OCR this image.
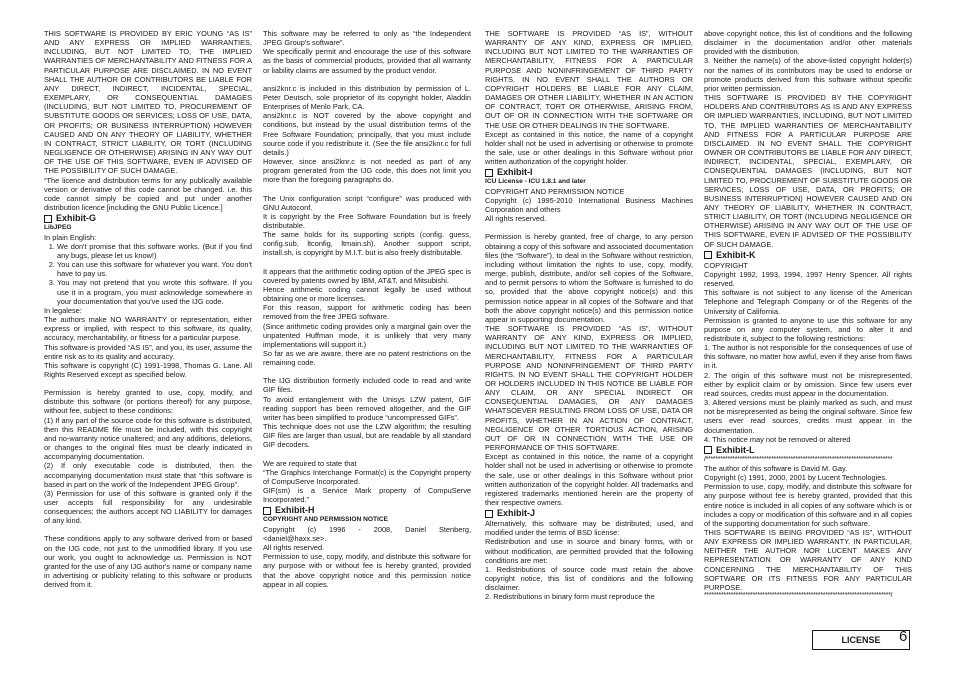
THIS SOFTWARE IS PROVIDED BY ERIC YOUNG “AS IS” AND ANY EXPRESS OR IMPLIED WARRANTIES, INCLUDING, BUT NOT LIMITED TO, THE IMPLIED WARRANTIES OF MERCHANTABILITY AND FITNESS FOR A PARTICULAR PURPOSE ARE DISCLAIMED. IN NO EVENT SHALL THE AUTHOR OR CONTRIBUTORS BE LIABLE FOR ANY DIRECT, INDIRECT, INCIDENTAL, SPECIAL, EXEMPLARY, OR CONSEQUENTIAL DAMAGES (INCLUDING, BUT NOT LIMITED TO, PROCUREMENT OF SUBSTITUTE GOODS OR SERVICES; LOSS OF USE, DATA, OR PROFITS; OR BUSINESS INTERRUPTION) HOWEVER CAUSED AND ON ANY THEORY OF LIABILITY, WHETHER IN CONTRACT, STRICT LIABILITY, OR TORT (INCLUDING NEGLIGENCE OR OTHERWISE) ARISING IN ANY WAY OUT OF THE USE OF THIS SOFTWARE, EVEN IF ADVISED OF THE POSSIBILITY OF SUCH DAMAGE.

“The licence and distribution terms for any publically available version or derivative of this code cannot be changed. i.e. this code cannot simply be copied and put under another distribution licence [including the GNU Public Licence.]

Exhibit-G
LibJPEG

In plain English:

1. We don't promise that this software works. (But if you find any bugs, please let us know!)
2. You can use this software for whatever you want. You don't have to pay us.
3. You may not pretend that you wrote this software. If you use it in a program, you must acknowledge somewhere in your documentation that you've used the IJG code.

In legalese:

The authors make NO WARRANTY or representation, either express or implied, with respect to this software, its quality, accuracy, merchantability, or fitness for a particular purpose.

This software is provided “AS IS”, and you, its user, assume the entire risk as to its quality and accuracy.

This software is copyright (C) 1991-1998, Thomas G. Lane. All Rights Reserved except as specified below.

Permission is hereby granted to use, copy, modify, and distribute this software (or portions thereof) for any purpose, without fee, subject to these conditions:

(1) If any part of the source code for this software is distributed, then this README file must be included, with this copyright and no-warranty notice unaltered; and any additions, deletions, or changes to the original files must be clearly indicated in accompanying documentation.

(2) If only executable code is distributed, then the accompanying documentation must state that “this software is based in part on the work of the Independent JPEG Group”.

(3) Permission for use of this software is granted only if the user accepts full responsibility for any undesirable consequences; the authors accept NO LIABILITY for damages of any kind.

These conditions apply to any software derived from or based on the IJG code, not just to the unmodified library. If you use our work, you ought to acknowledge us. Permission is NOT granted for the use of any IJG author's name or company name in advertising or publicity relating to this software or products derived from it.

This software may be referred to only as “the Independent JPEG Group's software”.

We specifically permit and encourage the use of this software as the basis of commercial products, provided that all warranty or liability claims are assumed by the product vendor.

ansi2knr.c is included in this distribution by permission of L. Peter Deutsch, sole proprietor of its copyright holder, Aladdin Enterprises of Menlo Park, CA.

ansi2knr.c is NOT covered by the above copyright and conditions, but instead by the usual distribution terms of the Free Software Foundation; principally, that you must include source code if you redistribute it. (See the file ansi2knr.c for full details.)

However, since ansi2knr.c is not needed as part of any program generated from the IJG code, this does not limit you more than the foregoing paragraphs do.

The Unix configuration script “configure” was produced with GNU Autoconf.

It is copyright by the Free Software Foundation but is freely distributable.

The same holds for its supporting scripts (config. guess, config.sub, ltconfig, ltmain.sh). Another support script, install.sh, is copyright by M.I.T. but is also freely distributable.

It appears that the arithmetic coding option of the JPEG spec is covered by patents owned by IBM, AT&T, and Mitsubishi.

Hence arithmetic coding cannot legally be used without obtaining one or more licenses.

For this reason, support for arithmetic coding has been removed from the free JPEG software.

(Since arithmetic coding provides only a marginal gain over the unpatented Huffman mode, it is unlikely that very many implementations will support it.)

So far as we are aware, there are no patent restrictions on the remaining code.

The IJG distribution formerly included code to read and write GIF files.

To avoid entanglement with the Unisys LZW patent, GIF reading support has been removed altogether, and the GIF writer has been simplified to produce “uncompressed GIFs”.

This technique does not use the LZW algorithm; the resulting GIF files are larger than usual, but are readable by all standard GIF decoders.

We are required to state that

“The Graphics Interchange Format(c) is the Copyright property of CompuServe Incorporated.

GIF(sm) is a Service Mark property of CompuServe Incorporated.”

Exhibit-H
COPYRIGHT AND PERMISSION NOTICE

Copyright (c) 1996 - 2008, Daniel Stenberg, <daniel@haxx.se>.

All rights reserved.

Permission to use, copy, modify, and distribute this software for any purpose with or without fee is hereby granted, provided that the above copyright notice and this permission notice appear in all copies.

THE SOFTWARE IS PROVIDED “AS IS”, WITHOUT WARRANTY OF ANY KIND, EXPRESS OR IMPLIED, INCLUDING BUT NOT LIMITED TO THE WARRANTIES OF MERCHANTABILITY, FITNESS FOR A PARTICULAR PURPOSE AND NONINFRINGEMENT OF THIRD PARTY RIGHTS. IN NO EVENT SHALL THE AUTHORS OR COPYRIGHT HOLDERS BE LIABLE FOR ANY CLAIM, DAMAGES OR OTHER LIABILITY, WHETHER IN AN ACTION OF CONTRACT, TORT OR OTHERWISE, ARISING FROM, OUT OF OR IN CONNECTION WITH THE SOFTWARE OR THE USE OR OTHER DEALINGS IN THE SOFTWARE.

Except as contained in this notice, the name of a copyright holder shall not be used in advertising or otherwise to promote the sale, use or other dealings in this Software without prior written authorization of the copyright holder.

Exhibit-I
ICU License - ICU 1.8.1 and later

COPYRIGHT AND PERMISSION NOTICE

Copyright (c) 1995-2010 International Business Machines Corporation and others

All rights reserved.

Permission is hereby granted, free of charge, to any person obtaining a copy of this software and associated documentation files (the “Software”), to deal in the Software without restriction, including without limitation the rights to use, copy, modify, merge, publish, distribute, and/or sell copies of the Software, and to permit persons to whom the Software is furnished to do so, provided that the above copyright notice(s) and this permission notice appear in all copies of the Software and that both the above copyright notice(s) and this permission notice appear in supporting documentation.

THE SOFTWARE IS PROVIDED “AS IS”, WITHOUT WARRANTY OF ANY KIND, EXPRESS OR IMPLIED, INCLUDING BUT NOT LIMITED TO THE WARRANTIES OF MERCHANTABILITY, FITNESS FOR A PARTICULAR PURPOSE AND NONINFRINGEMENT OF THIRD PARTY RIGHTS. IN NO EVENT SHALL THE COPYRIGHT HOLDER OR HOLDERS INCLUDED IN THIS NOTICE BE LIABLE FOR ANY CLAIM, OR ANY SPECIAL INDIRECT OR CONSEQUENTIAL DAMAGES, OR ANY DAMAGES WHATSOEVER RESULTING FROM LOSS OF USE, DATA OR PROFITS, WHETHER IN AN ACTION OF CONTRACT, NEGLIGENCE OR OTHER TORTIOUS ACTION, ARISING OUT OF OR IN CONNECTION WITH THE USE OR PERFORMANCE OF THIS SOFTWARE.

Except as contained in this notice, the name of a copyright holder shall not be used in advertising or otherwise to promote the sale, use or other dealings in this Software without prior written authorization of the copyright holder. All trademarks and registered trademarks mentioned herein are the property of their respective owners.

Exhibit-J

Alternatively, this software may be distributed, used, and modified under the terms of BSD license:

Redistribution and use in source and binary forms, with or without modification, are permitted provided that the following conditions are met:

1. Redistributions of source code must retain the above copyright notice, this list of conditions and the following disclaimer.

2. Redistributions in binary form must reproduce the

above copyright notice, this list of conditions and the following disclaimer in the documentation and/or other materials provided with the distribution.

3. Neither the name(s) of the above-listed copyright holder(s) nor the names of its contributors may be used to endorse or promote products derived from this software without specific prior written permission.

THIS SOFTWARE IS PROVIDED BY THE COPYRIGHT HOLDERS AND CONTRIBUTORS AS IS AND ANY EXPRESS OR IMPLIED WARRANTIES, INCLUDING, BUT NOT LIMITED TO, THE IMPLIED WARRANTIES OF MERCHANTABILITY AND FITNESS FOR A PARTICULAR PURPOSE ARE DISCLAIMED. IN NO EVENT SHALL THE COPYRIGHT OWNER OR CONTRIBUTORS BE LIABLE FOR ANY DIRECT, INDIRECT, INCIDENTAL, SPECIAL, EXEMPLARY, OR CONSEQUENTIAL DAMAGES (INCLUDING, BUT NOT LIMITED TO, PROCUREMENT OF SUBSTITUTE GOODS OR SERVICES; LOSS OF USE, DATA, OR PROFITS; OR BUSINESS INTERRUPTION) HOWEVER CAUSED AND ON ANY THEORY OF LIABILITY, WHETHER IN CONTRACT, STRICT LIABILITY, OR TORT (INCLUDING NEGLIGENCE OR OTHERWISE) ARISING IN ANY WAY OUT OF THE USE OF THIS SOFTWARE, EVEN IF ADVISED OF THE POSSIBILITY OF SUCH DAMAGE.

Exhibit-K

COPYRIGHT

Copyright 1992, 1993, 1994, 1997 Henry Spencer. All rights reserved.

This software is not subject to any license of the American Telephone and Telegraph Company or of the Regents of the University of California.

Permission is granted to anyone to use this software for any purpose on any computer system, and to alter it and redistribute it, subject to the following restrictions:

1. The author is not responsible for the consequences of use of this software, no matter how awful, even if they arise from flaws in it.

2. The origin of this software must not be misrepresented, either by explicit claim or by omission. Since few users ever read sources, credits must appear in the documentation.

3. Altered versions must be plainly marked as such, and must not be misrepresented as being the original software. Since few users ever read sources, credits must appear in the documentation.

4. This notice may not be removed or altered

Exhibit-L
/*****************************************************************************

The author of this software is David M. Gay.

Copyright (c) 1991, 2000, 2001 by Lucent Technologies.

Permission to use, copy, modify, and distribute this software for any purpose without fee is hereby granted, provided that this entire notice is included in all copies of any software which is or includes a copy or modification of this software and in all copies of the supporting documentation for such software.

THIS SOFTWARE IS BEING PROVIDED “AS IS”, WITHOUT ANY EXPRESS OR IMPLIED WARRANTY. IN PARTICULAR, NEITHER THE AUTHOR NOR LUCENT MAKES ANY REPRESENTATION OR WARRANTY OF ANY KIND CONCERNING THE MERCHANTABILITY OF THIS SOFTWARE OR ITS FITNESS FOR ANY PARTICULAR PURPOSE.

*****************************************************************************/
LICENSE	6
